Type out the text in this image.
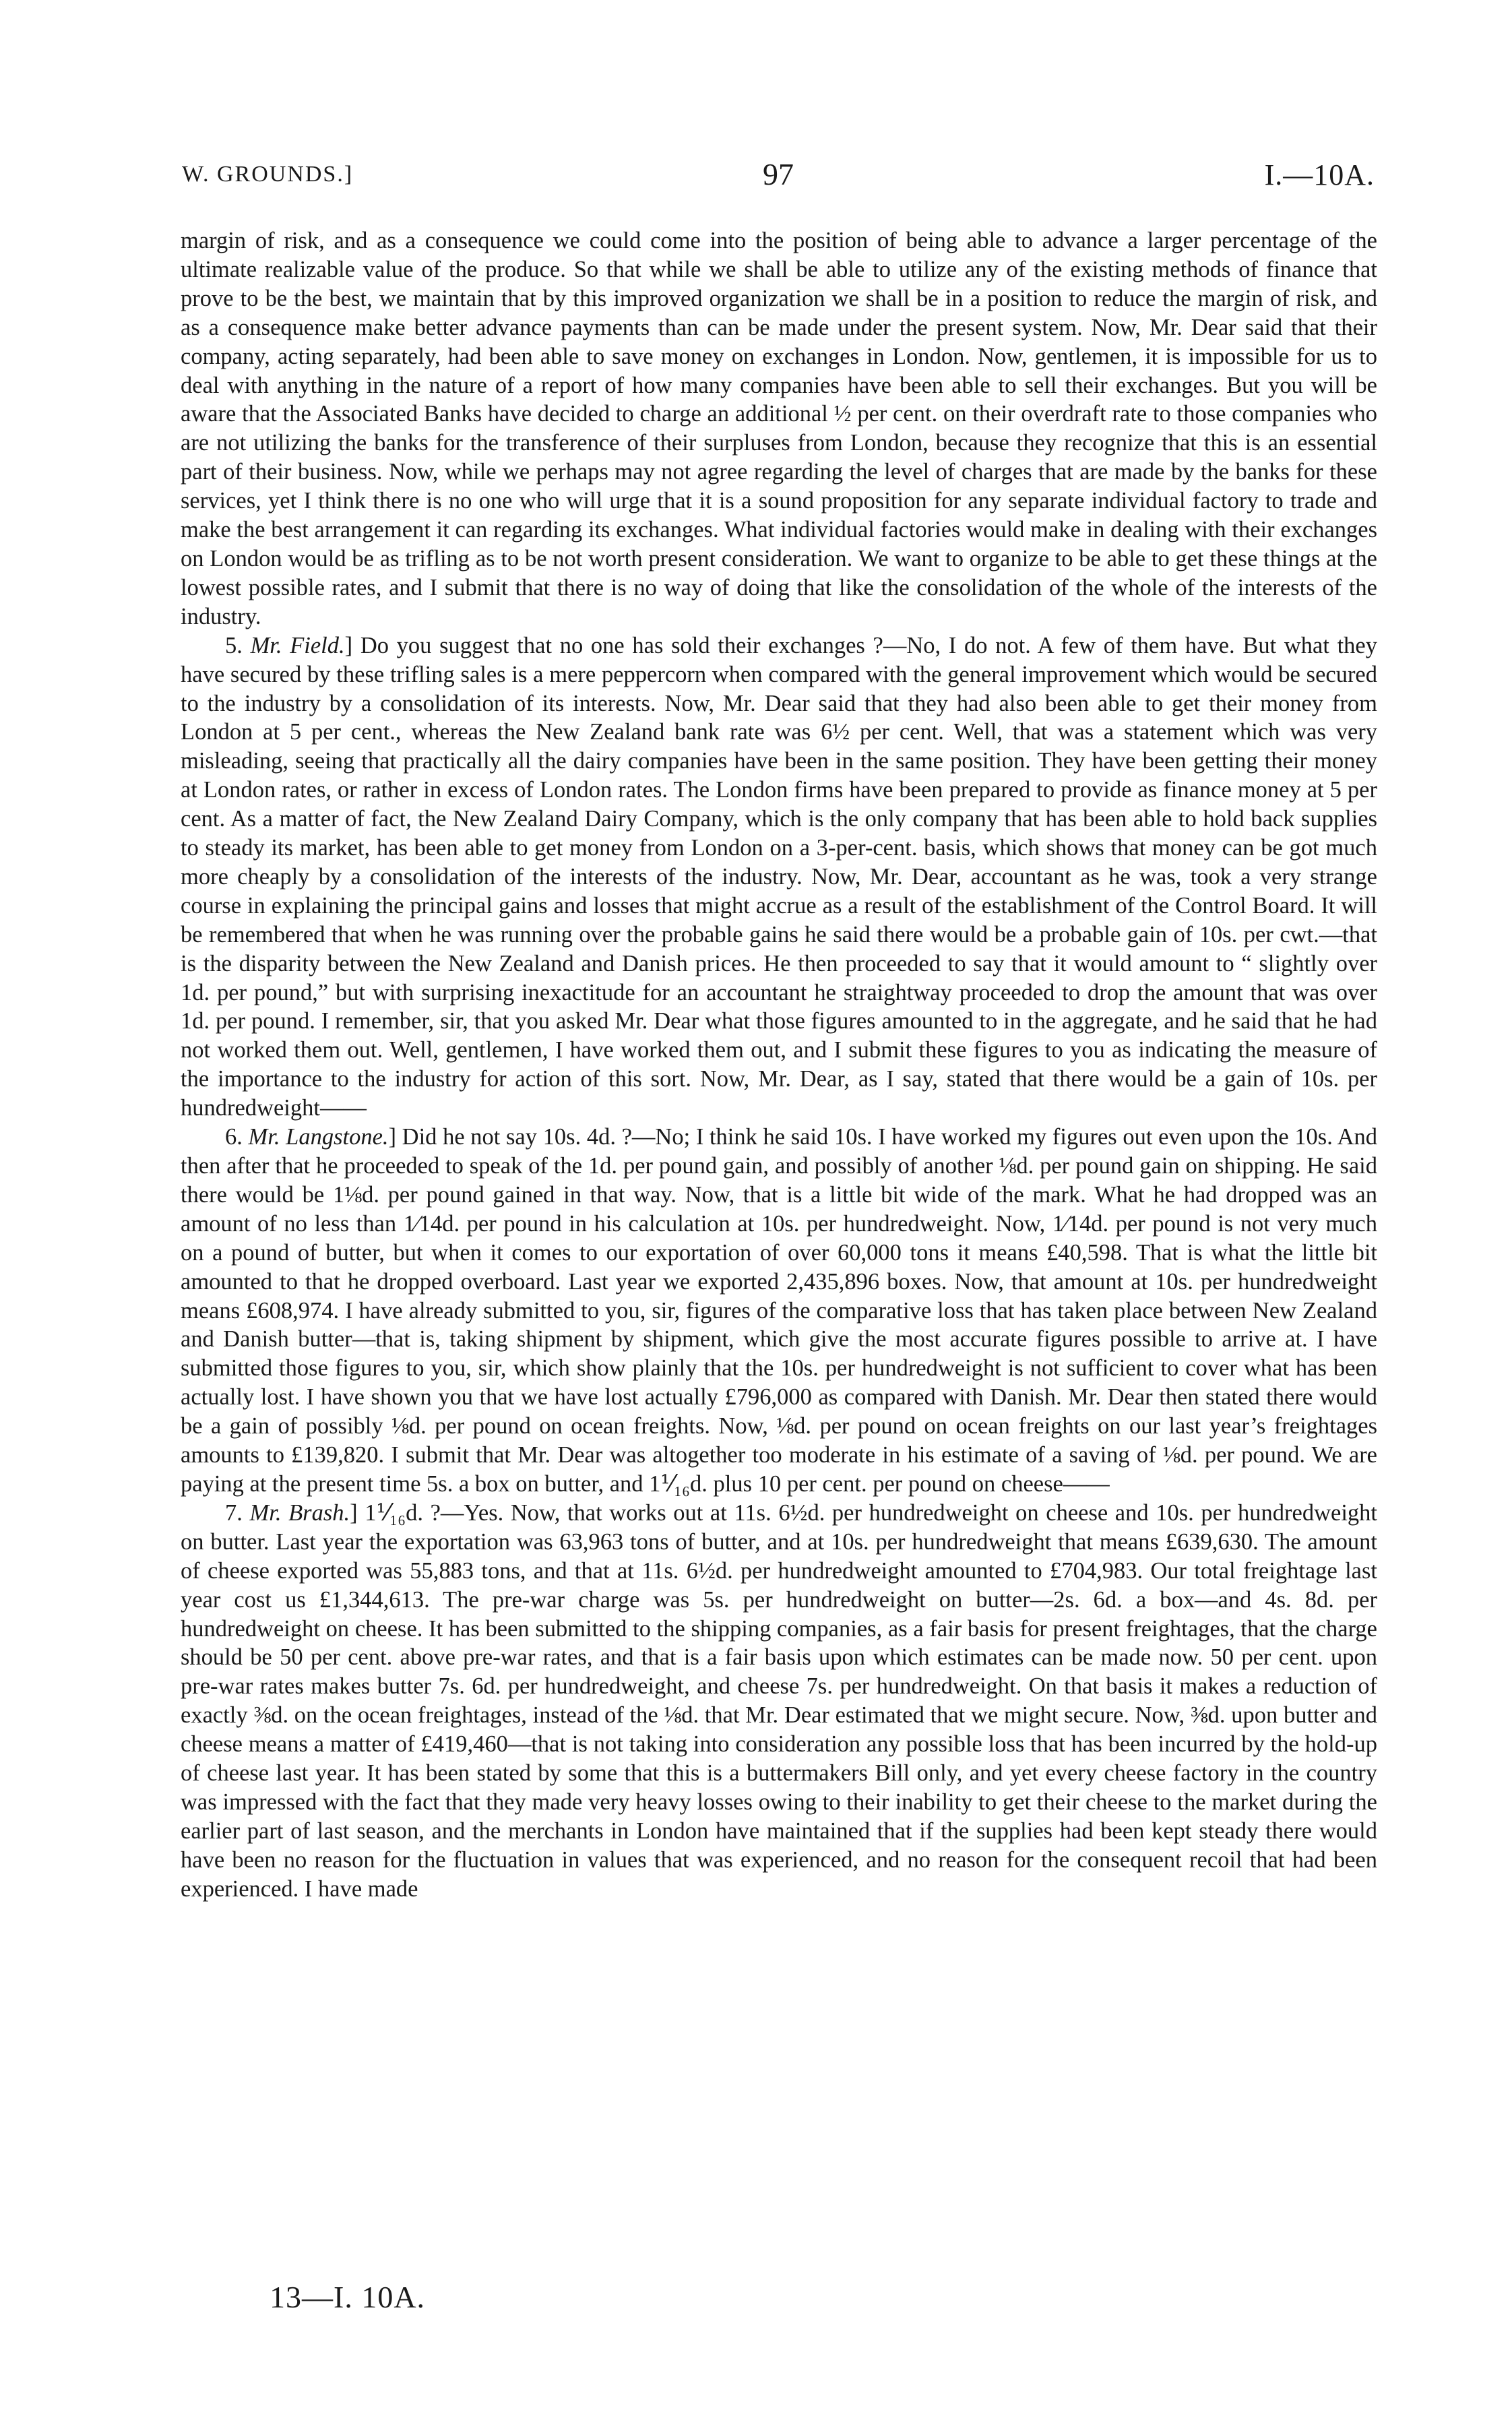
W. GROUNDS.]	97	I.—10A.

margin of risk, and as a consequence we could come into the position of being able to advance a larger percentage of the ultimate realizable value of the produce. So that while we shall be able to utilize any of the existing methods of finance that prove to be the best, we maintain that by this improved organization we shall be in a position to reduce the margin of risk, and as a consequence make better advance payments than can be made under the present system. Now, Mr. Dear said that their company, acting separately, had been able to save money on exchanges in London. Now, gentlemen, it is impossible for us to deal with anything in the nature of a report of how many companies have been able to sell their exchanges. But you will be aware that the Associated Banks have decided to charge an additional ½ per cent. on their overdraft rate to those companies who are not utilizing the banks for the transference of their surpluses from London, because they recognize that this is an essential part of their business. Now, while we perhaps may not agree regarding the level of charges that are made by the banks for these services, yet I think there is no one who will urge that it is a sound proposition for any separate individual factory to trade and make the best arrangement it can regarding its exchanges. What individual factories would make in dealing with their exchanges on London would be as trifling as to be not worth present consideration. We want to organize to be able to get these things at the lowest possible rates, and I submit that there is no way of doing that like the consolidation of the whole of the interests of the industry.

5. Mr. Field.] Do you suggest that no one has sold their exchanges ?—No, I do not. A few of them have. But what they have secured by these trifling sales is a mere peppercorn when compared with the general improvement which would be secured to the industry by a consolidation of its interests. Now, Mr. Dear said that they had also been able to get their money from London at 5 per cent., whereas the New Zealand bank rate was 6½ per cent. Well, that was a statement which was very misleading, seeing that practically all the dairy companies have been in the same position. They have been getting their money at London rates, or rather in excess of London rates. The London firms have been prepared to provide as finance money at 5 per cent. As a matter of fact, the New Zealand Dairy Company, which is the only company that has been able to hold back supplies to steady its market, has been able to get money from London on a 3-per-cent. basis, which shows that money can be got much more cheaply by a consolidation of the interests of the industry. Now, Mr. Dear, accountant as he was, took a very strange course in explaining the principal gains and losses that might accrue as a result of the establishment of the Control Board. It will be remembered that when he was running over the probable gains he said there would be a probable gain of 10s. per cwt.—that is the disparity between the New Zealand and Danish prices. He then proceeded to say that it would amount to “ slightly over 1d. per pound,” but with surprising inexactitude for an accountant he straightway proceeded to drop the amount that was over 1d. per pound. I remember, sir, that you asked Mr. Dear what those figures amounted to in the aggregate, and he said that he had not worked them out. Well, gentlemen, I have worked them out, and I submit these figures to you as indicating the measure of the importance to the industry for action of this sort. Now, Mr. Dear, as I say, stated that there would be a gain of 10s. per hundredweight——

6. Mr. Langstone.] Did he not say 10s. 4d. ?—No; I think he said 10s. I have worked my figures out even upon the 10s. And then after that he proceeded to speak of the 1d. per pound gain, and possibly of another ⅛d. per pound gain on shipping. He said there would be 1⅛d. per pound gained in that way. Now, that is a little bit wide of the mark. What he had dropped was an amount of no less than 1⁄14d. per pound in his calculation at 10s. per hundredweight. Now, 1⁄14d. per pound is not very much on a pound of butter, but when it comes to our exportation of over 60,000 tons it means £40,598. That is what the little bit amounted to that he dropped overboard. Last year we exported 2,435,896 boxes. Now, that amount at 10s. per hundredweight means £608,974. I have already submitted to you, sir, figures of the comparative loss that has taken place between New Zealand and Danish butter—that is, taking shipment by shipment, which give the most accurate figures possible to arrive at. I have submitted those figures to you, sir, which show plainly that the 10s. per hundredweight is not sufficient to cover what has been actually lost. I have shown you that we have lost actually £796,000 as compared with Danish. Mr. Dear then stated there would be a gain of possibly ⅛d. per pound on ocean freights. Now, ⅛d. per pound on ocean freights on our last year’s freightages amounts to £139,820. I submit that Mr. Dear was altogether too moderate in his estimate of a saving of ⅛d. per pound. We are paying at the present time 5s. a box on butter, and 1⅟₁₆d. plus 10 per cent. per pound on cheese——

7. Mr. Brash.] 1⅟₁₆d. ?—Yes. Now, that works out at 11s. 6½d. per hundredweight on cheese and 10s. per hundredweight on butter. Last year the exportation was 63,963 tons of butter, and at 10s. per hundredweight that means £639,630. The amount of cheese exported was 55,883 tons, and that at 11s. 6½d. per hundredweight amounted to £704,983. Our total freightage last year cost us £1,344,613. The pre-war charge was 5s. per hundredweight on butter—2s. 6d. a box—and 4s. 8d. per hundredweight on cheese. It has been submitted to the shipping companies, as a fair basis for present freightages, that the charge should be 50 per cent. above pre-war rates, and that is a fair basis upon which estimates can be made now. 50 per cent. upon pre-war rates makes butter 7s. 6d. per hundredweight, and cheese 7s. per hundredweight. On that basis it makes a reduction of exactly ⅜d. on the ocean freightages, instead of the ⅛d. that Mr. Dear estimated that we might secure. Now, ⅜d. upon butter and cheese means a matter of £419,460—that is not taking into consideration any possible loss that has been incurred by the hold-up of cheese last year. It has been stated by some that this is a buttermakers Bill only, and yet every cheese factory in the country was impressed with the fact that they made very heavy losses owing to their inability to get their cheese to the market during the earlier part of last season, and the merchants in London have maintained that if the supplies had been kept steady there would have been no reason for the fluctuation in values that was experienced, and no reason for the consequent recoil that had been experienced. I have made

13—I. 10A.
